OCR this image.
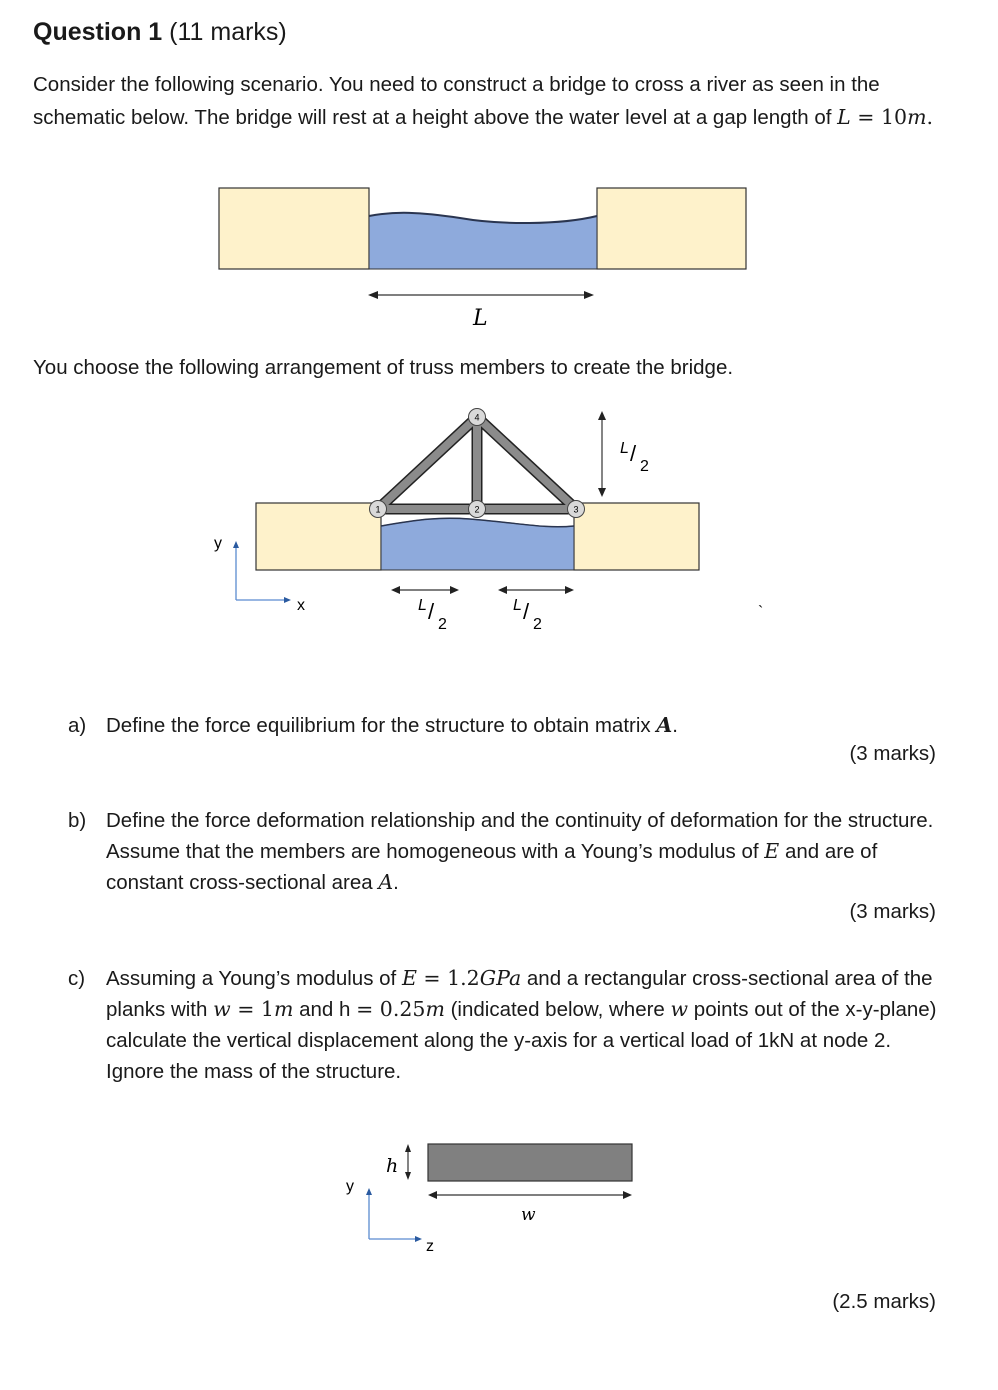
Question 1 (11 marks)
Consider the following scenario. You need to construct a bridge to cross a river as seen in the schematic below. The bridge will rest at a height above the water level at a gap length of L = 10m.
L
You choose the following arrangement of truss members to create the bridge.
1	2	3
4
L /
2
L /
2
L /
2
y
x	`
a) Define the force equilibrium for the structure to obtain matrix A.
(3 marks)
b) Define the force deformation relationship and the continuity of deformation for the structure. Assume that the members are homogeneous with a Young’s modulus of E and are of constant cross-sectional area A.
(3 marks)
c) Assuming a Young’s modulus of E = 1.2GPa and a rectangular cross-sectional area of the planks with w = 1m and h = 0.25m (indicated below, where w points out of the x-y-plane) calculate the vertical displacement along the y-axis for a vertical load of 1kN at node 2. Ignore the mass of the structure.
h
w
y
z
(2.5 marks)
